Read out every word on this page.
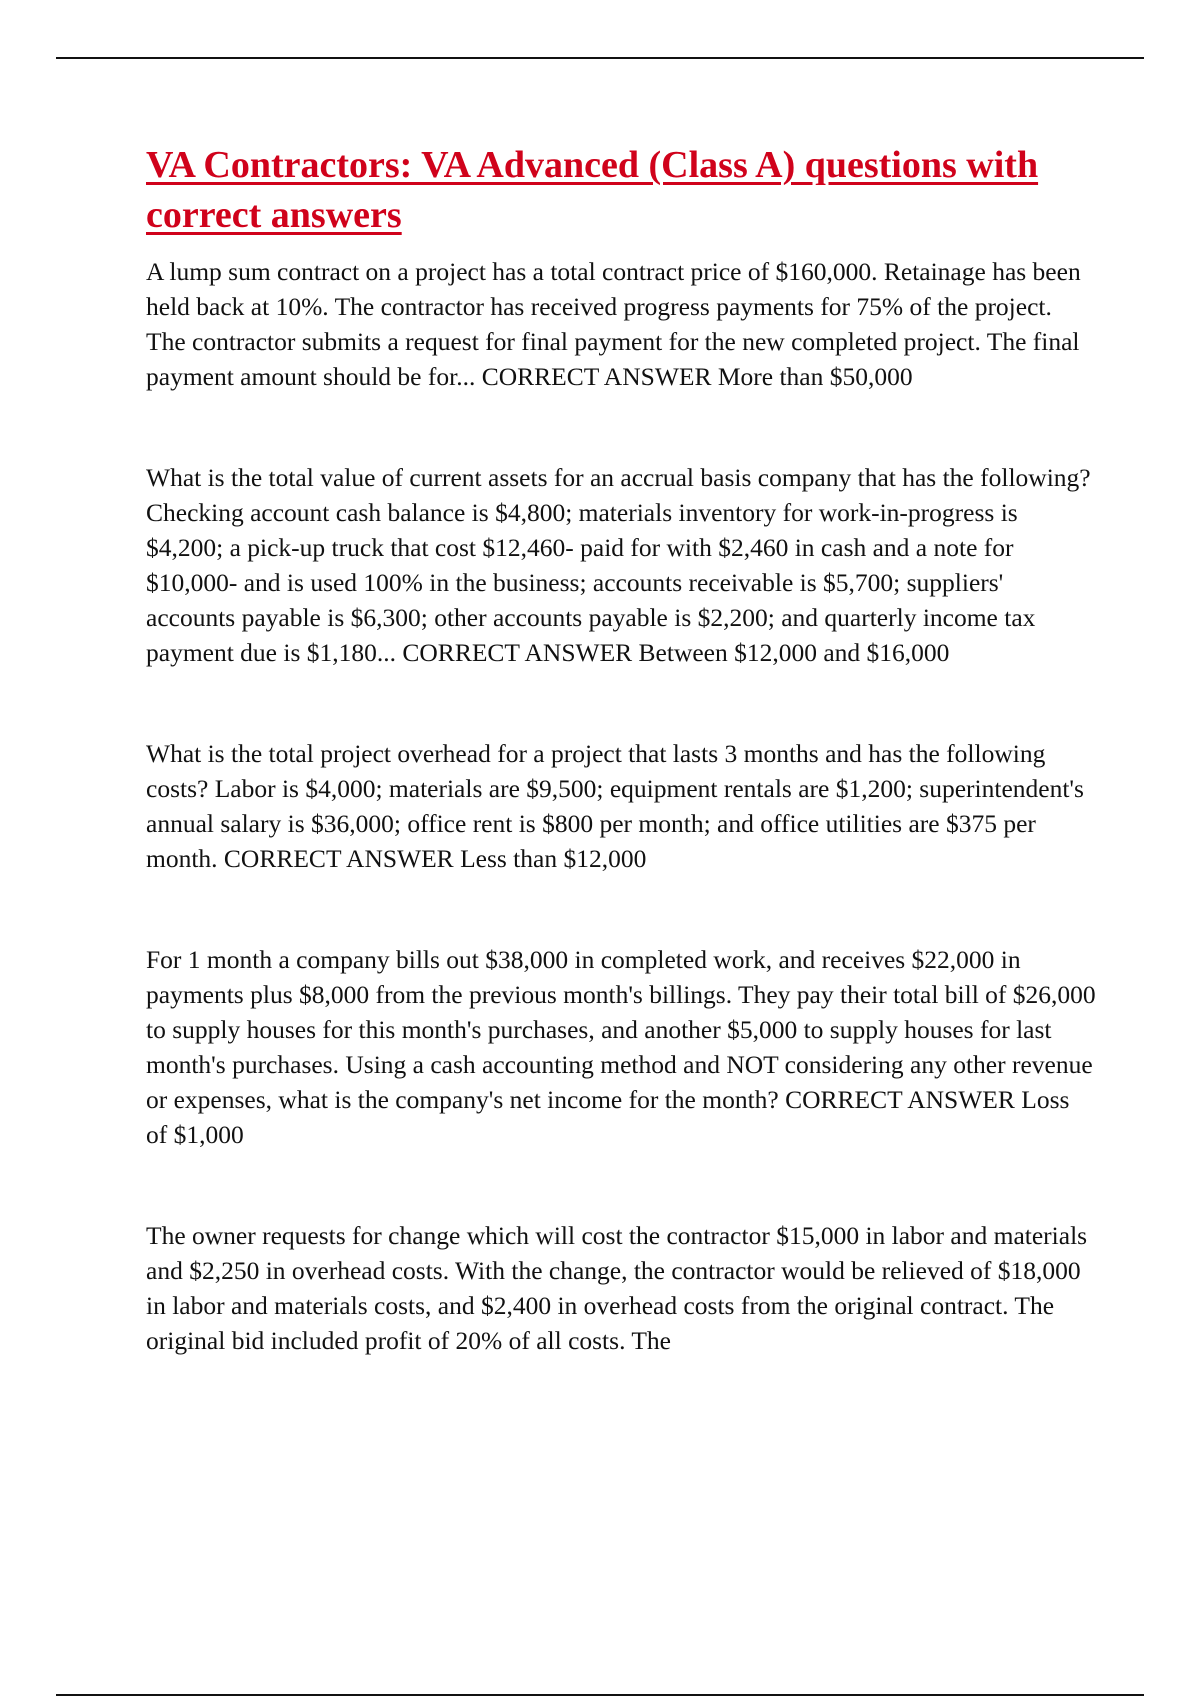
VA Contractors: VA Advanced (Class A) questions with correct answers

A lump sum contract on a project has a total contract price of $160,000. Retainage has been held back at 10%. The contractor has received progress payments for 75% of the project. The contractor submits a request for final payment for the new completed project. The final payment amount should be for... CORRECT ANSWER More than $50,000

What is the total value of current assets for an accrual basis company that has the following? Checking account cash balance is $4,800; materials inventory for work-in-progress is $4,200; a pick-up truck that cost $12,460- paid for with $2,460 in cash and a note for $10,000- and is used 100% in the business; accounts receivable is $5,700; suppliers' accounts payable is $6,300; other accounts payable is $2,200; and quarterly income tax payment due is $1,180... CORRECT ANSWER Between $12,000 and $16,000

What is the total project overhead for a project that lasts 3 months and has the following costs? Labor is $4,000; materials are $9,500; equipment rentals are $1,200; superintendent's annual salary is $36,000; office rent is $800 per month; and office utilities are $375 per month. CORRECT ANSWER Less than $12,000

For 1 month a company bills out $38,000 in completed work, and receives $22,000 in payments plus $8,000 from the previous month's billings. They pay their total bill of $26,000 to supply houses for this month's purchases, and another $5,000 to supply houses for last month's purchases. Using a cash accounting method and NOT considering any other revenue or expenses, what is the company's net income for the month? CORRECT ANSWER Loss of $1,000

The owner requests for change which will cost the contractor $15,000 in labor and materials and $2,250 in overhead costs. With the change, the contractor would be relieved of $18,000 in labor and materials costs, and $2,400 in overhead costs from the original contract. The original bid included profit of 20% of all costs. The
